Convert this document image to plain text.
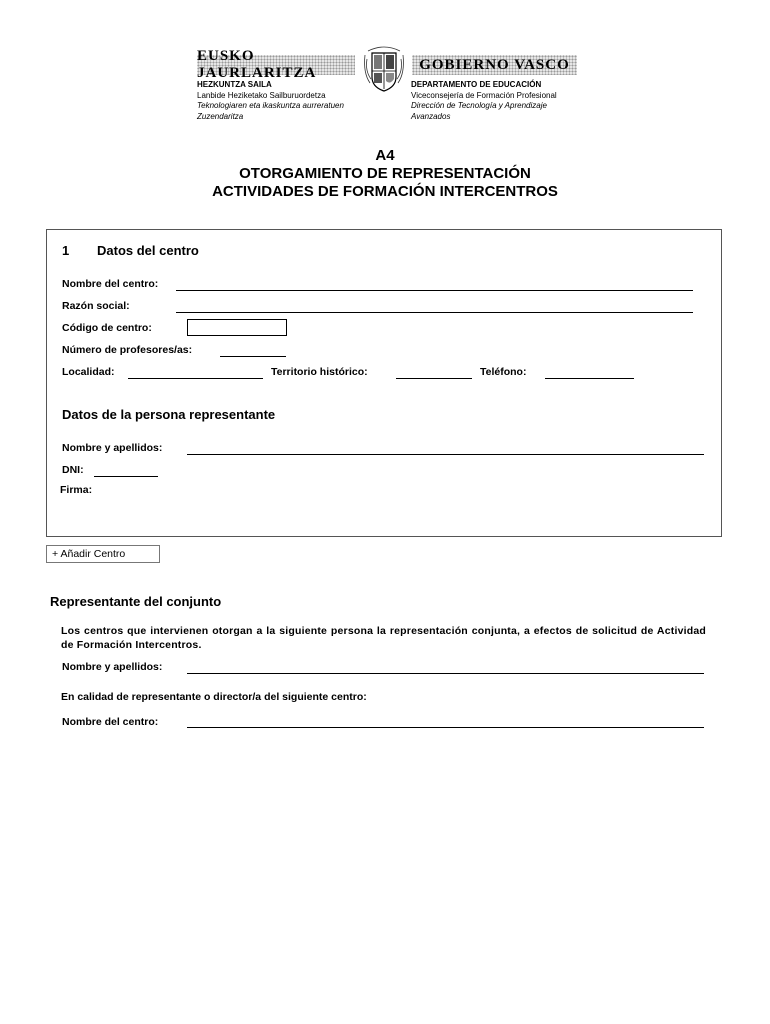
EUSKO JAURLARITZA
GOBIERNO VASCO
HEZKUNTZA SAILA
Lanbide Heziketako Sailburuordetza
Teknologiaren eta ikaskuntza aurreratuen
Zuzendaritza
DEPARTAMENTO DE EDUCACIÓN
Viceconsejería de Formación Profesional
Dirección de Tecnología y Aprendizaje
Avanzados
A4
OTORGAMIENTO DE REPRESENTACIÓN
ACTIVIDADES DE FORMACIÓN INTERCENTROS
1 Datos del centro
Nombre del centro:
Razón social:
Código de centro:
Número de profesores/as:
Localidad:	Territorio histórico:	Teléfono:
Datos de la persona representante
Nombre y apellidos:
DNI:
Firma:
+ Añadir Centro
Representante del conjunto
Los centros que intervienen otorgan a la siguiente persona la representación conjunta, a efectos de solicitud de Actividad de Formación Intercentros.
Nombre y apellidos:
En calidad de representante o director/a del siguiente centro:
Nombre del centro:
